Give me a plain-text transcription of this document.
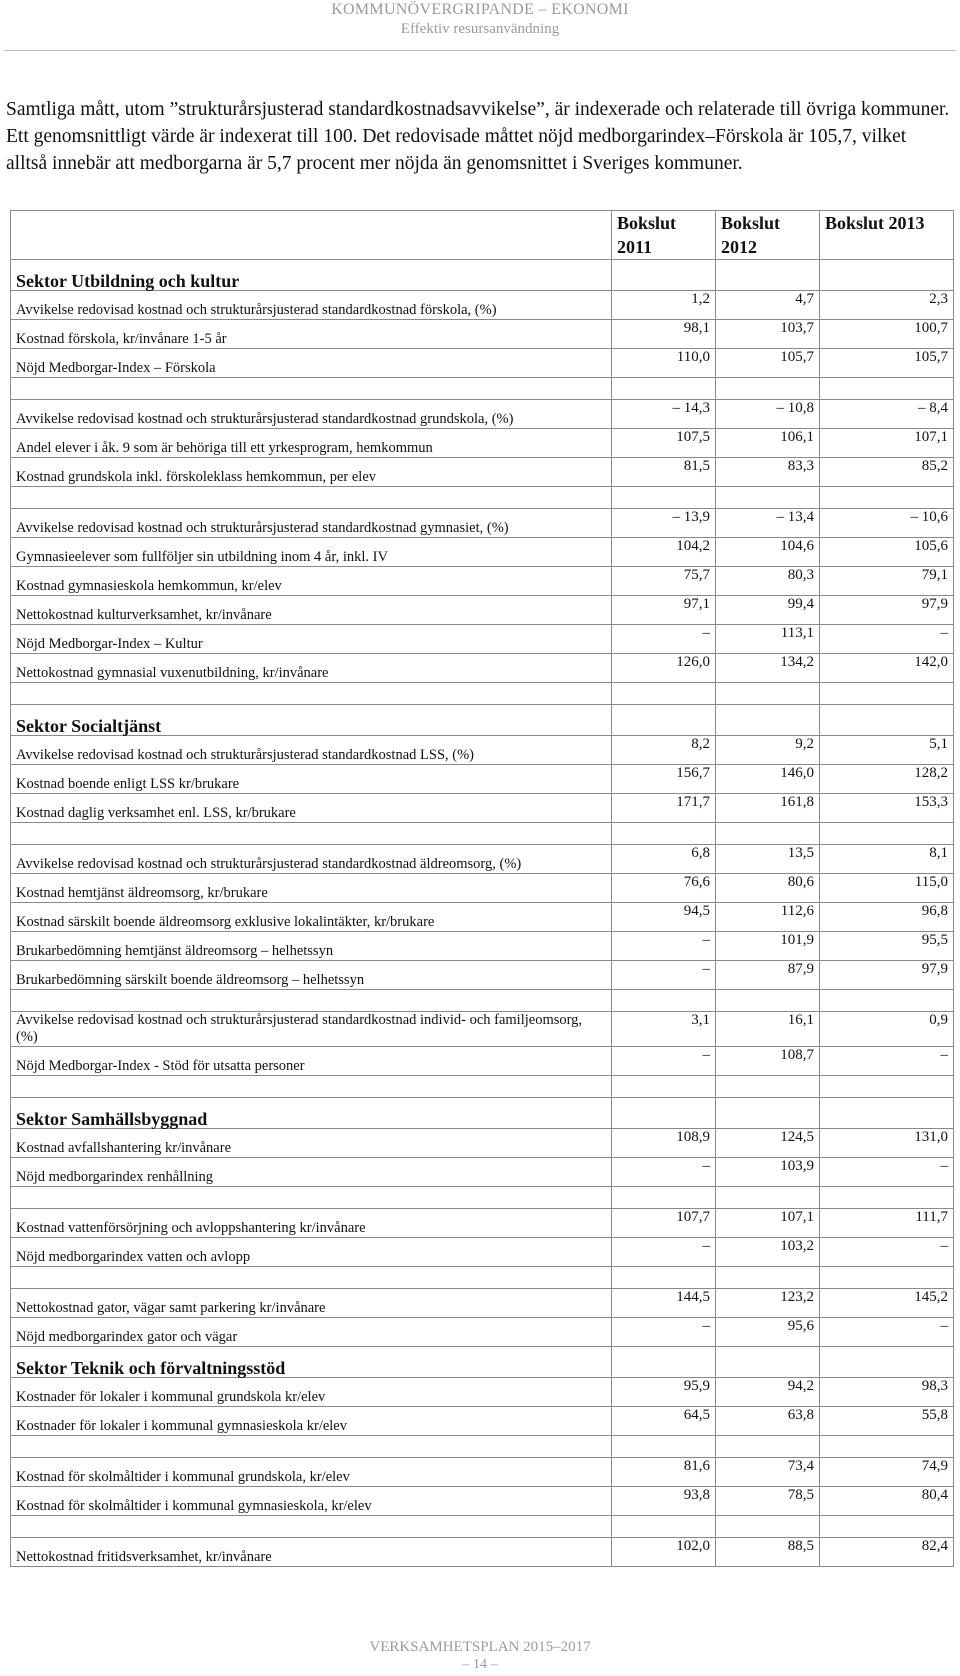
KOMMUNÖVERGRIPANDE – EKONOMI
Effektiv resursanvändning
Samtliga mått, utom ”strukturårsjusterad standardkostnadsavvikelse”, är indexerade och relaterade till övriga kommuner. Ett genomsnittligt värde är indexerat till 100. Det redovisade måttet nöjd medborgarindex–Förskola är 105,7, vilket alltså innebär att medborgarna är 5,7 procent mer nöjda än genomsnittet i Sveriges kommuner.
	Bokslut 2011	Bokslut 2012	Bokslut 2013
Sektor Utbildning och kultur			
Avvikelse redovisad kostnad och strukturårsjusterad standardkostnad förskola, (%)	1,2	4,7	2,3
Kostnad förskola, kr/invånare 1-5 år	98,1	103,7	100,7
Nöjd Medborgar-Index – Förskola	110,0	105,7	105,7

Avvikelse redovisad kostnad och strukturårsjusterad standardkostnad grundskola, (%)	– 14,3	– 10,8	– 8,4
Andel elever i åk. 9 som är behöriga till ett yrkesprogram, hemkommun	107,5	106,1	107,1
Kostnad grundskola inkl. förskoleklass hemkommun, per elev	81,5	83,3	85,2

Avvikelse redovisad kostnad och strukturårsjusterad standardkostnad gymnasiet, (%)	– 13,9	– 13,4	– 10,6
Gymnasieelever som fullföljer sin utbildning inom 4 år, inkl. IV	104,2	104,6	105,6
Kostnad gymnasieskola hemkommun, kr/elev	75,7	80,3	79,1
Nettokostnad kulturverksamhet, kr/invånare	97,1	99,4	97,9
Nöjd Medborgar-Index – Kultur	–	113,1	–
Nettokostnad gymnasial vuxenutbildning, kr/invånare	126,0	134,2	142,0

Sektor Socialtjänst			
Avvikelse redovisad kostnad och strukturårsjusterad standardkostnad LSS, (%)	8,2	9,2	5,1
Kostnad boende enligt LSS kr/brukare	156,7	146,0	128,2
Kostnad daglig verksamhet enl. LSS, kr/brukare	171,7	161,8	153,3

Avvikelse redovisad kostnad och strukturårsjusterad standardkostnad äldreomsorg, (%)	6,8	13,5	8,1
Kostnad hemtjänst äldreomsorg, kr/brukare	76,6	80,6	115,0
Kostnad särskilt boende äldreomsorg exklusive lokalintäkter, kr/brukare	94,5	112,6	96,8
Brukarbedömning hemtjänst äldreomsorg – helhetssyn	–	101,9	95,5
Brukarbedömning särskilt boende äldreomsorg – helhetssyn	–	87,9	97,9

Avvikelse redovisad kostnad och strukturårsjusterad standardkostnad individ- och familjeomsorg, (%)	3,1	16,1	0,9
Nöjd Medborgar-Index - Stöd för utsatta personer	–	108,7	–

Sektor Samhällsbyggnad			
Kostnad avfallshantering kr/invånare	108,9	124,5	131,0
Nöjd medborgarindex renhållning	–	103,9	–

Kostnad vattenförsörjning och avloppshantering kr/invånare	107,7	107,1	111,7
Nöjd medborgarindex vatten och avlopp	–	103,2	–

Nettokostnad gator, vägar samt parkering kr/invånare	144,5	123,2	145,2
Nöjd medborgarindex gator och vägar	–	95,6	–
Sektor Teknik och förvaltningsstöd			
Kostnader för lokaler i kommunal grundskola kr/elev	95,9	94,2	98,3
Kostnader för lokaler i kommunal gymnasieskola kr/elev	64,5	63,8	55,8

Kostnad för skolmåltider i kommunal grundskola, kr/elev	81,6	73,4	74,9
Kostnad för skolmåltider i kommunal gymnasieskola, kr/elev	93,8	78,5	80,4

Nettokostnad fritidsverksamhet, kr/invånare	102,0	88,5	82,4
VERKSAMHETSPLAN 2015–2017
– 14 –
